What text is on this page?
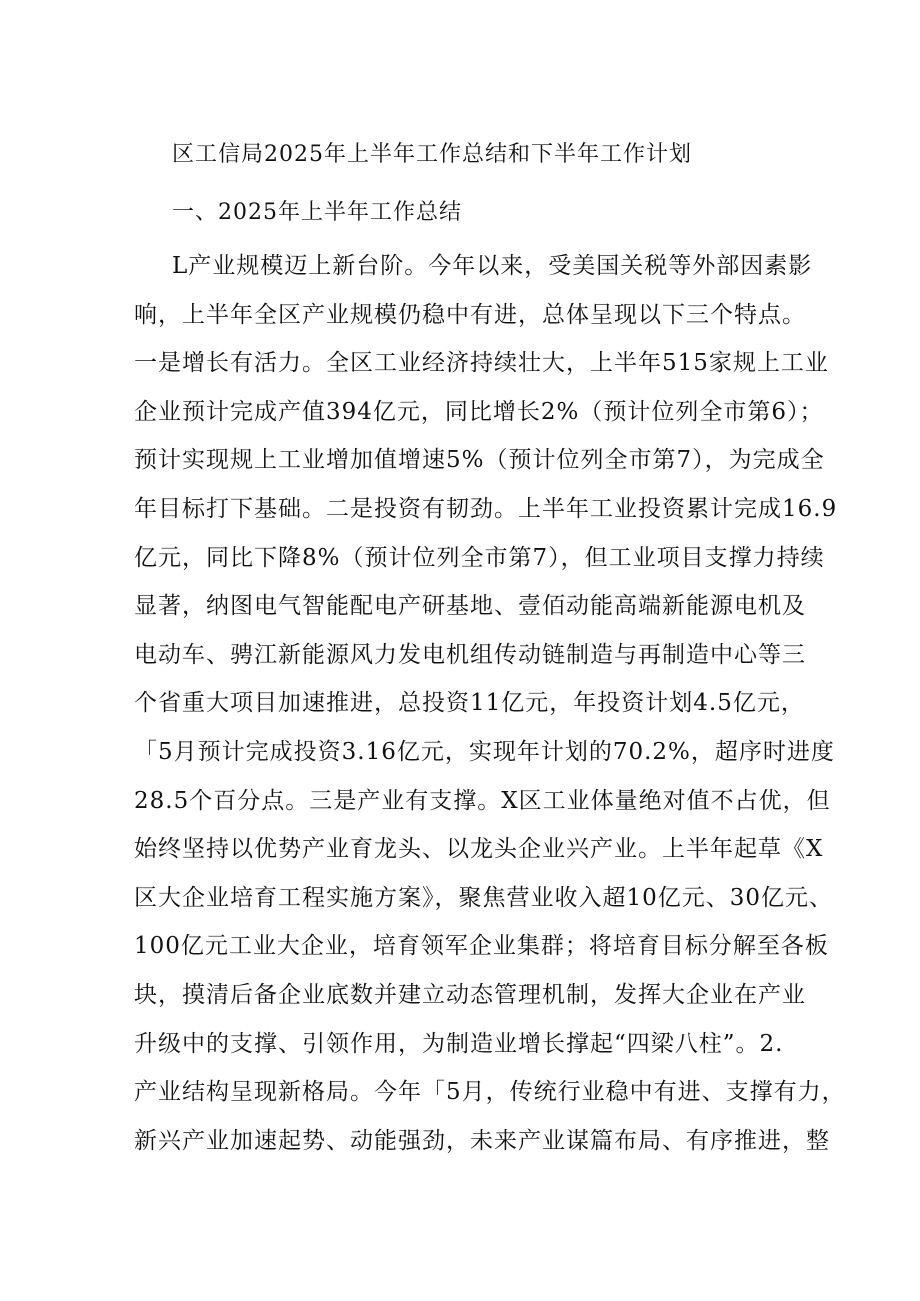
区工信局2025年上半年工作总结和下半年工作计划
一、2025年上半年工作总结
L产业规模迈上新台阶。今年以来，受美国关税等外部因素影
响，上半年全区产业规模仍稳中有进，总体呈现以下三个特点。
一是增长有活力。全区工业经济持续壮大，上半年515家规上工业
企业预计完成产值394亿元，同比增长2%（预计位列全市第6）；
预计实现规上工业增加值增速5%（预计位列全市第7），为完成全
年目标打下基础。二是投资有韧劲。上半年工业投资累计完成16.9
亿元，同比下降8%（预计位列全市第7），但工业项目支撑力持续
显著，纳图电气智能配电产研基地、壹佰动能高端新能源电机及
电动车、骋江新能源风力发电机组传动链制造与再制造中心等三
个省重大项目加速推进，总投资11亿元，年投资计划4.5亿元，
「5月预计完成投资3.16亿元，实现年计划的70.2%，超序时进度
28.5个百分点。三是产业有支撑。X区工业体量绝对值不占优，但
始终坚持以优势产业育龙头、以龙头企业兴产业。上半年起草《X
区大企业培育工程实施方案》，聚焦营业收入超10亿元、30亿元、
100亿元工业大企业，培育领军企业集群；将培育目标分解至各板
块，摸清后备企业底数并建立动态管理机制，发挥大企业在产业
升级中的支撑、引领作用，为制造业增长撑起“四梁八柱”。2.
产业结构呈现新格局。今年「5月，传统行业稳中有进、支撑有力，
新兴产业加速起势、动能强劲，未来产业谋篇布局、有序推进，整
